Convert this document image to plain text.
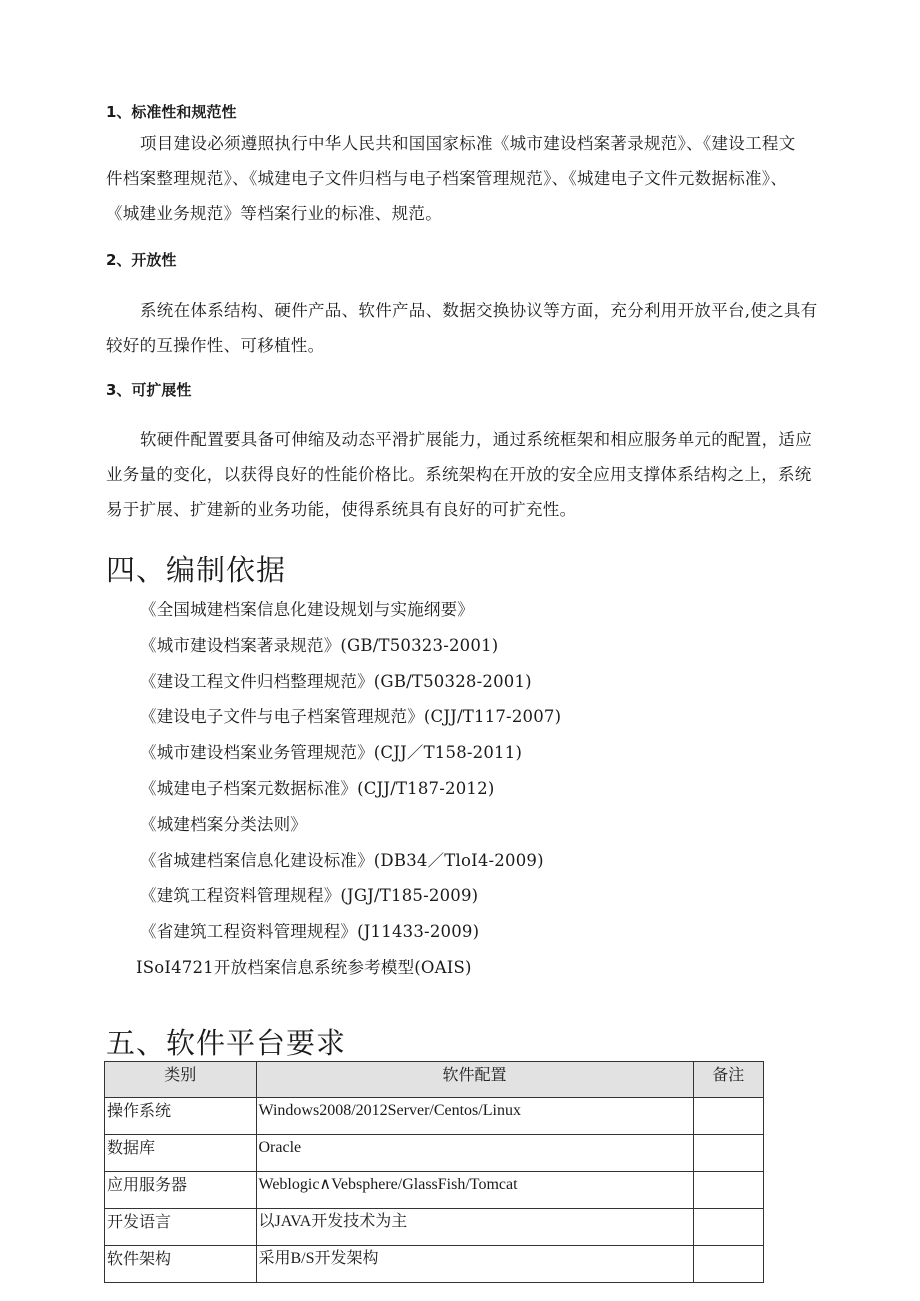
1、标准性和规范性
项目建设必须遵照执行中华人民共和国国家标准《城市建设档案著录规范》、《建设工程文
件档案整理规范》、《城建电子文件归档与电子档案管理规范》、《城建电子文件元数据标准》、
《城建业务规范》等档案行业的标准、规范。
2、开放性
系统在体系结构、硬件产品、软件产品、数据交换协议等方面，充分利用开放平台,使之具有
较好的互操作性、可移植性。
3、可扩展性
软硬件配置要具备可伸缩及动态平滑扩展能力，通过系统框架和相应服务单元的配置，适应
业务量的变化，以获得良好的性能价格比。系统架构在开放的安全应用支撑体系结构之上，系统
易于扩展、扩建新的业务功能，使得系统具有良好的可扩充性。
四、编制依据
《全国城建档案信息化建设规划与实施纲要》
《城市建设档案著录规范》(GB/T50323-2001)
《建设工程文件归档整理规范》(GB/T50328-2001)
《建设电子文件与电子档案管理规范》(CJJ/T117-2007)
《城市建设档案业务管理规范》(CJJ／T158-2011)
《城建电子档案元数据标准》(CJJ/T187-2012)
《城建档案分类法则》
《省城建档案信息化建设标准》(DB34／TloI4-2009)
《建筑工程资料管理规程》(JGJ/T185-2009)
《省建筑工程资料管理规程》(J11433-2009)
ISoI4721开放档案信息系统参考模型(OAIS)
五、软件平台要求
类别	软件配置	备注
操作系统	Windows2008/2012Server/Centos/Linux	
数据库	Oracle	
应用服务器	Weblogic∧Vebsphere/GlassFish/Tomcat	
开发语言	以JAVA开发技术为主	
软件架构	采用B/S开发架构	
